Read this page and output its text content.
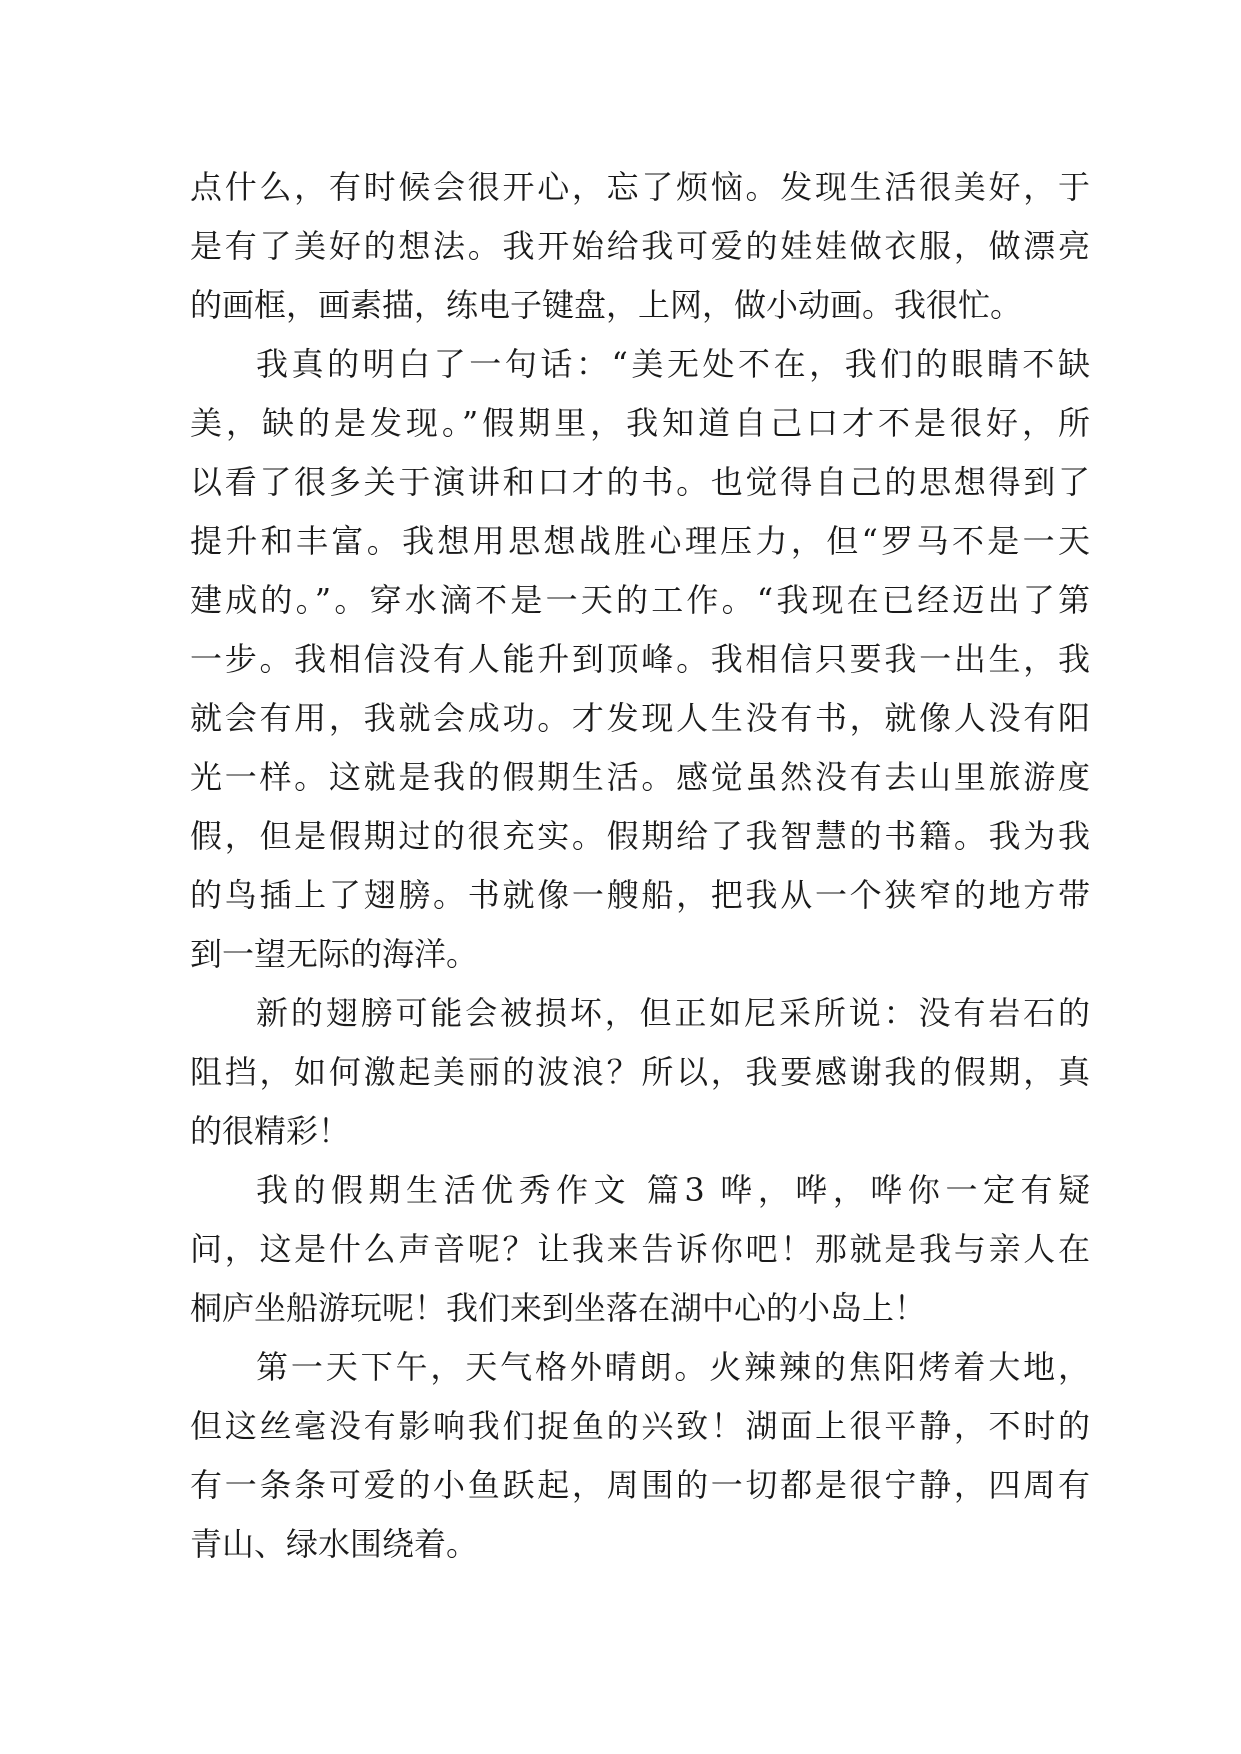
点什么，有时候会很开心，忘了烦恼。发现生活很美好，于
是有了美好的想法。我开始给我可爱的娃娃做衣服，做漂亮
的画框，画素描，练电子键盘，上网，做小动画。我很忙。
我真的明白了一句话：“美无处不在，我们的眼睛不缺
美，缺的是发现。”假期里，我知道自己口才不是很好，所
以看了很多关于演讲和口才的书。也觉得自己的思想得到了
提升和丰富。我想用思想战胜心理压力，但“罗马不是一天
建成的。”。穿水滴不是一天的工作。“我现在已经迈出了第
一步。我相信没有人能升到顶峰。我相信只要我一出生，我
就会有用，我就会成功。才发现人生没有书，就像人没有阳
光一样。这就是我的假期生活。感觉虽然没有去山里旅游度
假，但是假期过的很充实。假期给了我智慧的书籍。我为我
的鸟插上了翅膀。书就像一艘船，把我从一个狭窄的地方带
到一望无际的海洋。
新的翅膀可能会被损坏，但正如尼采所说：没有岩石的
阻挡，如何激起美丽的波浪？所以，我要感谢我的假期，真
的很精彩！
我的假期生活优秀作文 篇3 哗，哗，哗你一定有疑
问，这是什么声音呢？让我来告诉你吧！那就是我与亲人在
桐庐坐船游玩呢！我们来到坐落在湖中心的小岛上！
第一天下午，天气格外晴朗。火辣辣的焦阳烤着大地，
但这丝毫没有影响我们捉鱼的兴致！湖面上很平静，不时的
有一条条可爱的小鱼跃起，周围的一切都是很宁静，四周有
青山、绿水围绕着。
